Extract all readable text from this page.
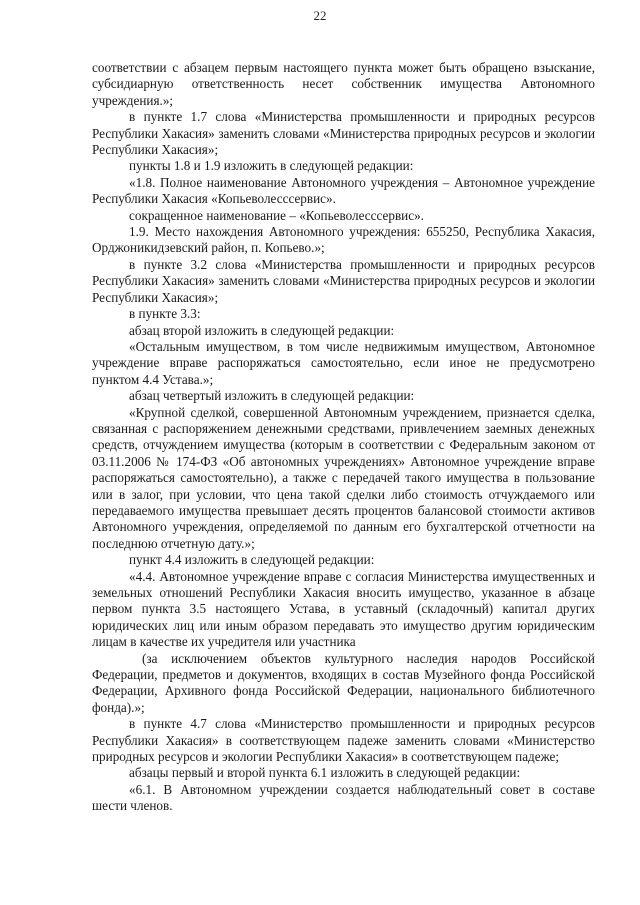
22

соответствии с абзацем первым настоящего пункта может быть обращено взыскание, субсидиарную ответственность несет собственник имущества Автономного учреждения.»;

в пункте 1.7 слова «Министерства промышленности и природных ресурсов Республики Хакасия» заменить словами «Министерства природных ресурсов и экологии Республики Хакасия»;

пункты 1.8 и 1.9 изложить в следующей редакции:

«1.8. Полное наименование Автономного учреждения – Автономное учреждение Республики Хакасия «Копьеволесссервис».

сокращенное наименование – «Копьеволесссервис».

1.9. Место нахождения Автономного учреждения: 655250, Республика Хакасия, Орджоникидзевский район, п. Копьево.»;

в пункте 3.2 слова «Министерства промышленности и природных ресурсов Республики Хакасия» заменить словами «Министерства природных ресурсов и экологии Республики Хакасия»;

в пункте 3.3:

абзац второй изложить в следующей редакции:

«Остальным имуществом, в том числе недвижимым имуществом, Автономное учреждение вправе распоряжаться самостоятельно, если иное не предусмотрено пунктом 4.4 Устава.»;

абзац четвертый изложить в следующей редакции:

«Крупной сделкой, совершенной Автономным учреждением, признается сделка, связанная с распоряжением денежными средствами, привлечением заемных денежных средств, отчуждением имущества (которым в соответствии с Федеральным законом от 03.11.2006 № 174-ФЗ «Об автономных учреждениях» Автономное учреждение вправе распоряжаться самостоятельно), а также с передачей такого имущества в пользование или в залог, при условии, что цена такой сделки либо стоимость отчуждаемого или передаваемого имущества превышает десять процентов балансовой стоимости активов Автономного учреждения, определяемой по данным его бухгалтерской отчетности на последнюю отчетную дату.»;

пункт 4.4 изложить в следующей редакции:

«4.4. Автономное учреждение вправе с согласия Министерства имущественных и земельных отношений Республики Хакасия вносить имущество, указанное в абзаце первом пункта 3.5 настоящего Устава, в уставный (складочный) капитал других юридических лиц или иным образом передавать это имущество другим юридическим лицам в качестве их учредителя или участника

(за исключением объектов культурного наследия народов Российской Федерации, предметов и документов, входящих в состав Музейного фонда Российской Федерации, Архивного фонда Российской Федерации, национального библиотечного фонда).»;

в пункте 4.7 слова «Министерство промышленности и природных ресурсов Республики Хакасия» в соответствующем падеже заменить словами «Министерство природных ресурсов и экологии Республики Хакасия» в соответствующем падеже;

абзацы первый и второй пункта 6.1 изложить в следующей редакции:

«6.1. В Автономном учреждении создается наблюдательный совет в составе шести членов.
